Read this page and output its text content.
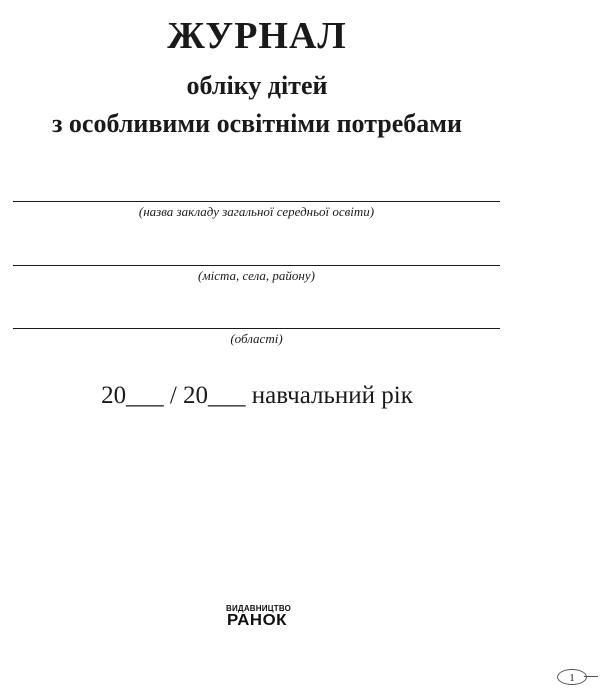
ЖУРНАЛ

обліку дітей

з особливими освітніми потребами

(назва закладу загальної середньої освіти)
(міста, села, району)
(області)
20___ / 20___ навчальний рік
ВИДАВНИЦТВО
РАНОК
1
